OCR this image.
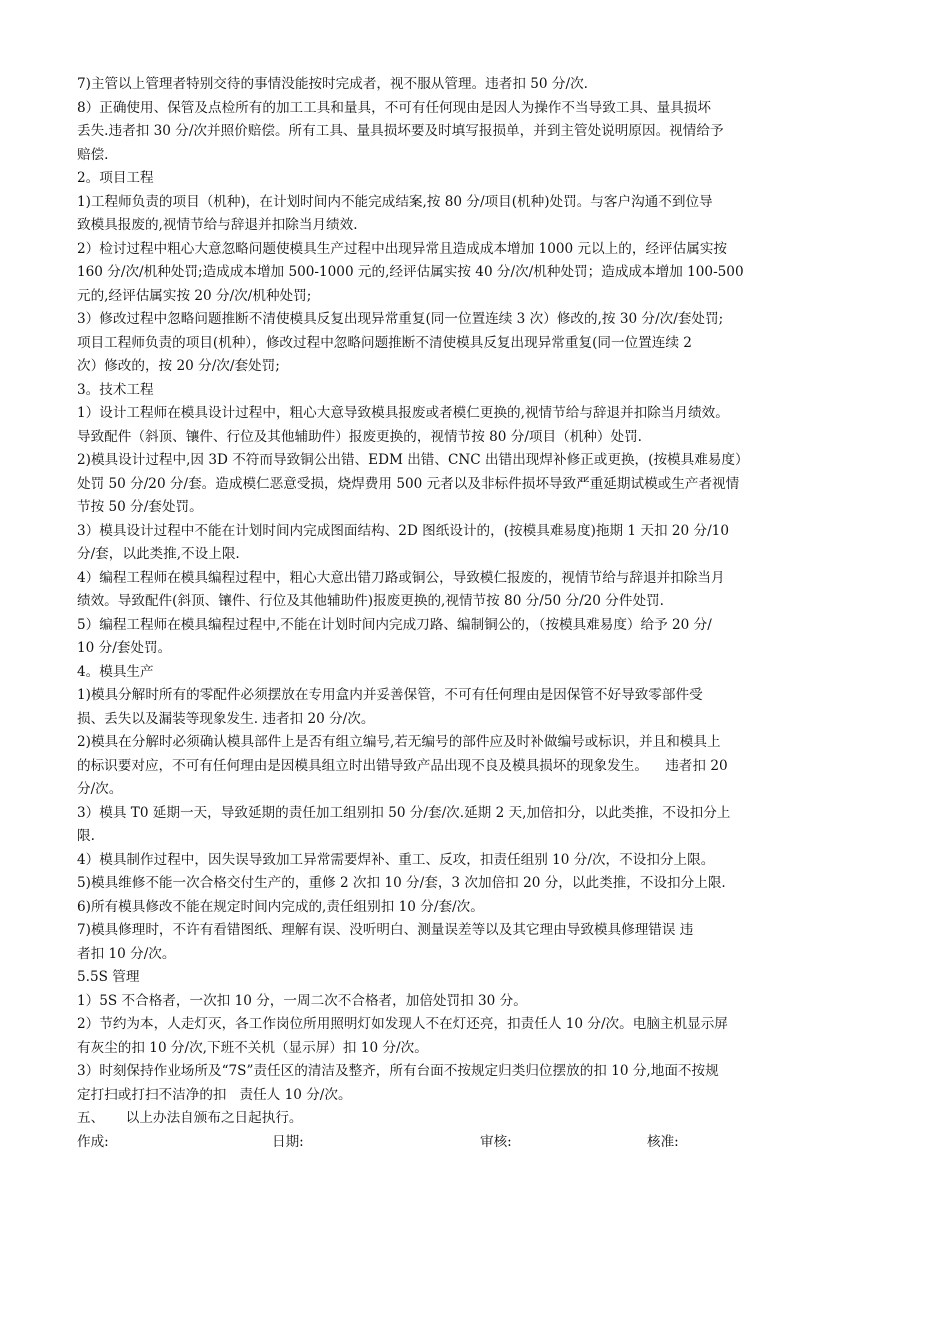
7)主管以上管理者特别交待的事情没能按时完成者，视不服从管理。违者扣 50 分/次.
8）正确使用、保管及点检所有的加工工具和量具，不可有任何现由是因人为操作不当导致工具、量具损坏
丢失.违者扣 30 分/次并照价赔偿。所有工具、量具损坏要及时填写报损单，并到主管处说明原因。视情给予
赔偿.
2。项目工程
1)工程师负责的项目（机种)，在计划时间内不能完成结案,按 80 分/项目(机种)处罚。与客户沟通不到位导
致模具报废的,视情节给与辞退并扣除当月绩效.
2）检讨过程中粗心大意忽略问题使模具生产过程中出现异常且造成成本增加 1000 元以上的，经评估属实按
160 分/次/机种处罚;造成成本增加 500-1000 元的,经评估属实按 40 分/次/机种处罚；造成成本增加 100-500
元的,经评估属实按 20 分/次/机种处罚;
3）修改过程中忽略问题推断不清使模具反复出现异常重复(同一位置连续 3 次）修改的,按 30 分/次/套处罚;
项目工程师负责的项目(机种），修改过程中忽略问题推断不清使模具反复出现异常重复(同一位置连续 2
次）修改的，按 20 分/次/套处罚;
3。技术工程
1）设计工程师在模具设计过程中，粗心大意导致模具报废或者模仁更换的,视情节给与辞退并扣除当月绩效。
导致配件（斜顶、镶件、行位及其他辅助件）报废更换的，视情节按 80 分/项目（机种）处罚.
2)模具设计过程中,因 3D 不符而导致铜公出错、EDM 出错、CNC 出错出现焊补修正或更换，(按模具难易度）
处罚 50 分/20 分/套。造成模仁恶意受损，烧焊费用 500 元者以及非标件损坏导致严重延期试模或生产者视情
节按 50 分/套处罚。
3）模具设计过程中不能在计划时间内完成图面结构、2D 图纸设计的，(按模具难易度)拖期 1 天扣 20 分/10
分/套，以此类推,不设上限.
4）编程工程师在模具编程过程中，粗心大意出错刀路或铜公，导致模仁报废的，视情节给与辞退并扣除当月
绩效。导致配件(斜顶、镶件、行位及其他辅助件)报废更换的,视情节按 80 分/50 分/20 分件处罚.
5）编程工程师在模具编程过程中,不能在计划时间内完成刀路、编制铜公的，（按模具难易度）给予 20 分/
10 分/套处罚。
4。模具生产
1)模具分解时所有的零配件必须摆放在专用盒内并妥善保管，不可有任何理由是因保管不好导致零部件受
损、丢失以及漏装等现象发生. 违者扣 20 分/次。
2)模具在分解时必须确认模具部件上是否有组立编号,若无编号的部件应及时补做编号或标识，并且和模具上
的标识要对应，不可有任何理由是因模具组立时出错导致产品出现不良及模具损坏的现象发生。    违者扣 20
分/次。
3）模具 T0 延期一天，导致延期的责任加工组别扣 50 分/套/次.延期 2 天,加倍扣分，以此类推，不设扣分上
限.
4）模具制作过程中，因失误导致加工异常需要焊补、重工、反攻，扣责任组别 10 分/次，不设扣分上限。
5)模具维修不能一次合格交付生产的，重修 2 次扣 10 分/套，3 次加倍扣 20 分，以此类推，不设扣分上限.
6)所有模具修改不能在规定时间内完成的,责任组别扣 10 分/套/次。
7)模具修理时，不许有看错图纸、理解有误、没听明白、测量误差等以及其它理由导致模具修理错误 违
者扣 10 分/次。
5.5S 管理
1）5S 不合格者，一次扣 10 分，一周二次不合格者，加倍处罚扣 30 分。
2）节约为本，人走灯灭，各工作岗位所用照明灯如发现人不在灯还亮，扣责任人 10 分/次。电脑主机显示屏
有灰尘的扣 10 分/次,下班不关机（显示屏）扣 10 分/次。
3）时刻保持作业场所及“7S”责任区的清洁及整齐，所有台面不按规定归类归位摆放的扣 10 分,地面不按规
定打扫或打扫不洁净的扣   责任人 10 分/次。
五、     以上办法自颁布之日起执行。
作成:	日期:	审核:	核准:
